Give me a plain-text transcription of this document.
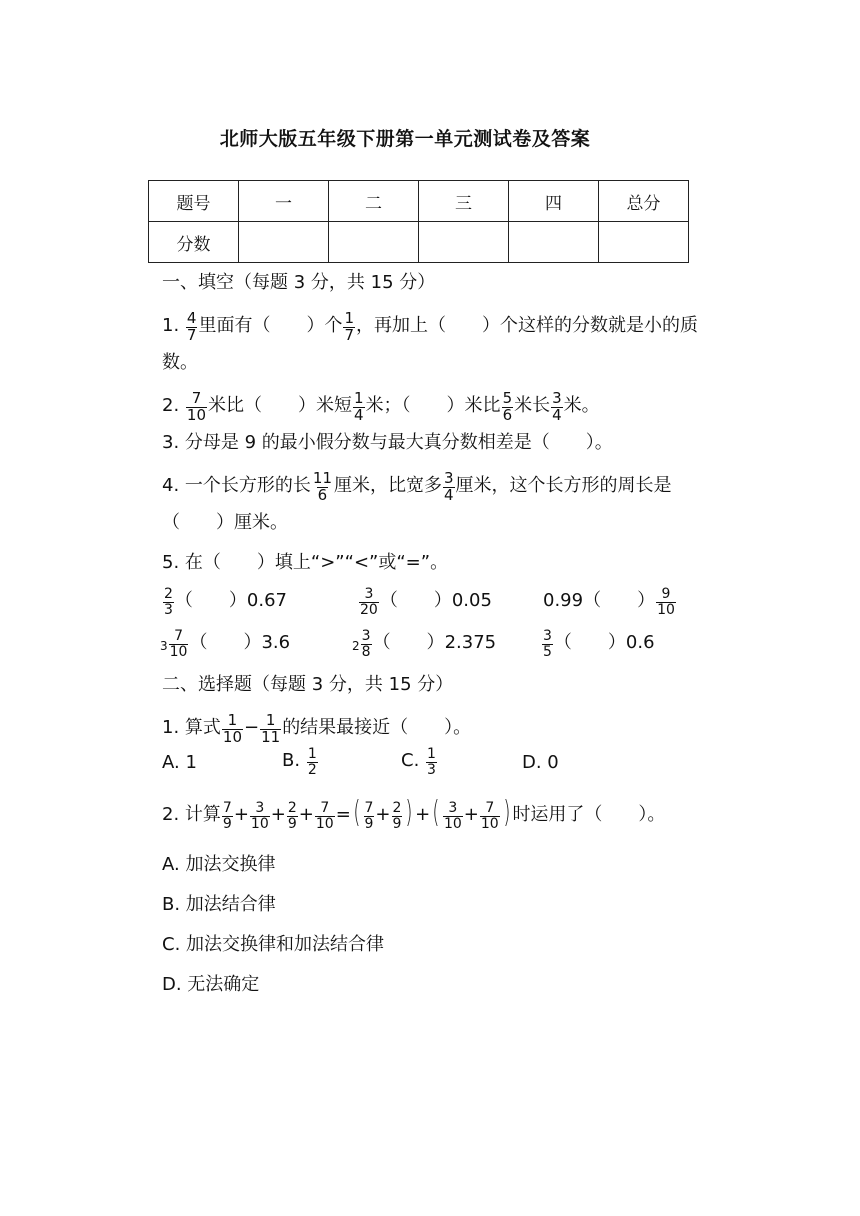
北师大版五年级下册第一单元测试卷及答案
题号	一	二	三	四	总分
分数					
一、填空（每题 3 分，共 15 分）
1. $\frac{4}{7}$ 里面有（　　）个 $\frac{1}{7}$ ，再加上（　　）个这样的分数就是小的质
数。
2. $\frac{7}{10}$ 米比（　　）米短 $\frac{1}{4}$ 米；（　　）米比 $\frac{5}{6}$ 米长 $\frac{3}{4}$ 米。
3. 分母是 9 的最小假分数与最大真分数相差是（　　）。
4. 一个长方形的长 $\frac{11}{6}$ 厘米，比宽多 $\frac{3}{4}$ 厘米，这个长方形的周长是
（　　）厘米。
5. 在（　　）填上“>”“<”或“=”。
$\frac{2}{3}$ （　　）0.67	$\frac{3}{20}$ （　　）0.05	0.99（　　） $\frac{9}{10}$
$3 \frac{7}{10}$ （　　）3.6	$2 \frac{3}{8}$ （　　）2.375	$\frac{3}{5}$ （　　）0.6
二、选择题（每题 3 分，共 15 分）
1. 算式 $\frac{1}{10} - \frac{1}{11}$ 的结果最接近（　　）。
A. 1	B. $\frac{1}{2}$	C. $\frac{1}{3}$	D. 0
2. 计算 $\frac{7}{9} + \frac{3}{10} + \frac{2}{9} + \frac{7}{10}$ =( $\frac{7}{9} + \frac{2}{9}$ ) +( $\frac{3}{10} + \frac{7}{10}$ ) 时运用了（　　）。
A. 加法交换律
B. 加法结合律
C. 加法交换律和加法结合律
D. 无法确定
